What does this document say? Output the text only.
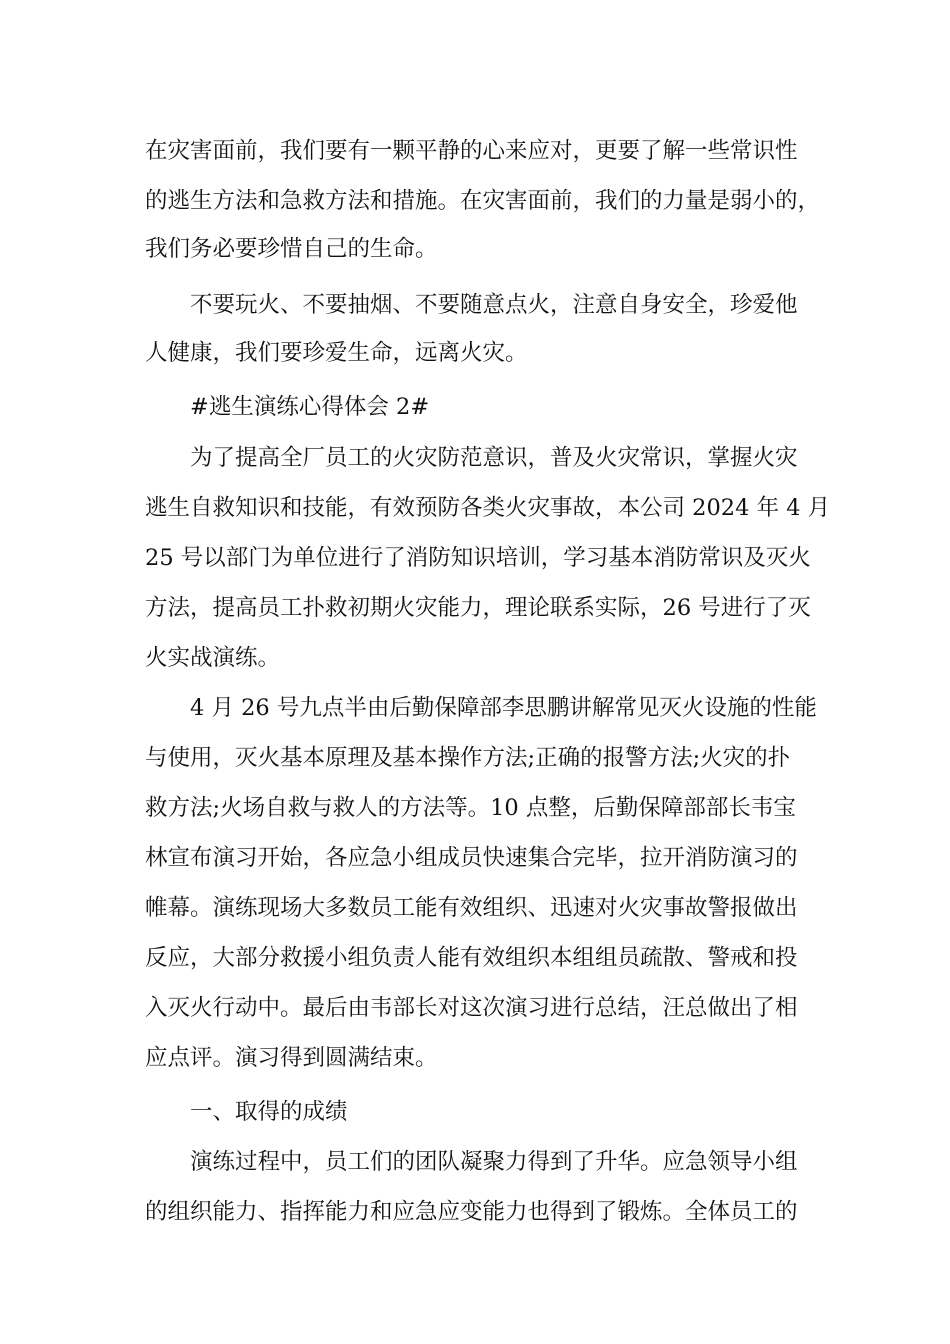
在灾害面前，我们要有一颗平静的心来应对，更要了解一些常识性

的逃生方法和急救方法和措施。在灾害面前，我们的力量是弱小的，

我们务必要珍惜自己的生命。

不要玩火、不要抽烟、不要随意点火，注意自身安全，珍爱他

人健康，我们要珍爱生命，远离火灾。

#逃生演练心得体会 2#

为了提高全厂员工的火灾防范意识，普及火灾常识，掌握火灾

逃生自救知识和技能，有效预防各类火灾事故，本公司 2024 年 4 月

25 号以部门为单位进行了消防知识培训，学习基本消防常识及灭火

方法，提高员工扑救初期火灾能力，理论联系实际，26 号进行了灭

火实战演练。

4 月 26 号九点半由后勤保障部李思鹏讲解常见灭火设施的性能

与使用，灭火基本原理及基本操作方法;正确的报警方法;火灾的扑

救方法;火场自救与救人的方法等。10 点整，后勤保障部部长韦宝

林宣布演习开始，各应急小组成员快速集合完毕，拉开消防演习的

帷幕。演练现场大多数员工能有效组织、迅速对火灾事故警报做出

反应，大部分救援小组负责人能有效组织本组组员疏散、警戒和投

入灭火行动中。最后由韦部长对这次演习进行总结，汪总做出了相

应点评。演习得到圆满结束。

一、取得的成绩

演练过程中，员工们的团队凝聚力得到了升华。应急领导小组

的组织能力、指挥能力和应急应变能力也得到了锻炼。全体员工的
